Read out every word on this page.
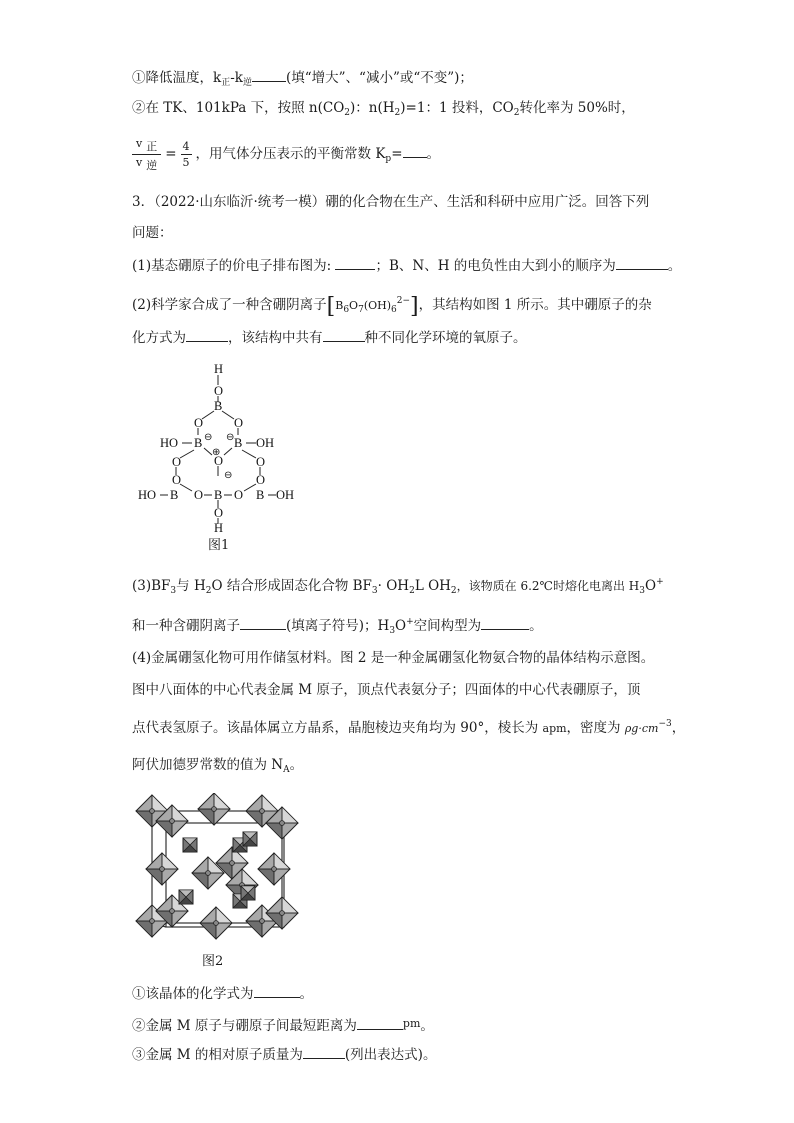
①降低温度，$k_正-k_逆$	(填“增大”、“减小”或“不变”)；
②在 TK、101kPa 下，按照 $n(CO_2)$：$n(H_2)=1$：1 投料，$CO_2$转化率为 50%时，
$\frac{\text{v 正}}{\text{v 逆}} = \frac{4}{5}$ ，用气体分压表示的平衡常数 $K_p=$ 。
3．（2022·山东临沂·统考一模）硼的化合物在生产、生活和科研中应用广泛。回答下列
问题：
(1)基态硼原子的价电子排布图为:	；B、N、H 的电负性由大到小的顺序为	。
(2)科学家合成了一种含硼阴离子$[B_6O_7(OH)_6^{2-}]$，其结构如图 1 所示。其中硼原子的杂
化方式为	，该结构中共有	种不同化学环境的氧原子。
H
O
B
O O
HO B	B OH
⊖ ⊖
⊕
O
O	O
O	O
⊖
HO B O B O B OH
O
H
图1
$(3)BF_3$与 $H_2O$ 结合形成固态化合物 $BF_3\cdot OH_2L$ $OH_2$，该物质在 6.2℃时熔化电离出 $H_3O^+$
和一种含硼阴离子	(填离子符号)；$H_3O^+$空间构型为	。
(4)金属硼氢化物可用作储氢材料。图 2 是一种金属硼氢化物氨合物的晶体结构示意图。
图中八面体的中心代表金属 M 原子，顶点代表氨分子；四面体的中心代表硼原子，顶
点代表氢原子。该晶体属立方晶系，晶胞棱边夹角均为 90°，棱长为 apm，密度为 $\rho g\cdot cm^{-3}$，
阿伏加德罗常数的值为 $N_A$。
图2
①该晶体的化学式为	。
②金属 M 原子与硼原子间最短距离为	$^{pm}$。
③金属 M 的相对原子质量为	(列出表达式)。
